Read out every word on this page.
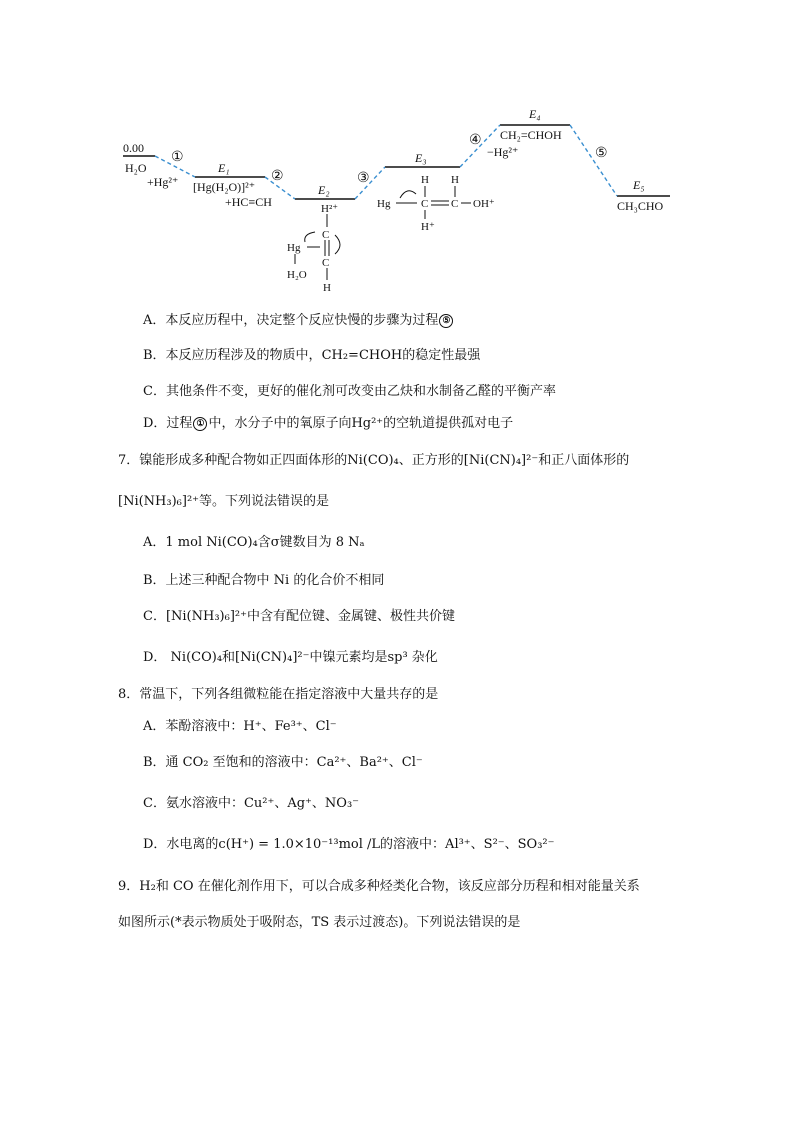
0.00
H₂O
+Hg²⁺
①
②	③
④
⑤
E₁
[Hg(H₂O)]²⁺
+HC≡CH
E₂
H²⁺
C
Hg
C
H₂O
H
E₃
H H
Hg	C C OH⁺
H⁺
E₄
CH₂=CHOH
−Hg²⁺
E₅
CH₃CHO
A．本反应历程中，决定整个反应快慢的步骤为过程 ⑤
B．本反应历程涉及的物质中，CH₂=CHOH的稳定性最强
C．其他条件不变，更好的催化剂可改变由乙炔和水制备乙醛的平衡产率
D．过程 ① 中，水分子中的氧原子向Hg²⁺的空轨道提供孤对电子
7．镍能形成多种配合物如正四面体形的Ni(CO)₄、正方形的[Ni(CN)₄]²⁻和正八面体形的
[Ni(NH₃)₆]²⁺等。下列说法错误的是
A．1 mol Ni(CO)₄含σ键数目为 8 Nₐ
B．上述三种配合物中 Ni 的化合价不相同
C．[Ni(NH₃)₆]²⁺中含有配位键、金属键、极性共价键
D． Ni(CO)₄和[Ni(CN)₄]²⁻中镍元素均是sp³ 杂化
8．常温下，下列各组微粒能在指定溶液中大量共存的是
A．苯酚溶液中：H⁺、Fe³⁺、Cl⁻
B．通 CO₂ 至饱和的溶液中：Ca²⁺、Ba²⁺、Cl⁻
C．氨水溶液中：Cu²⁺、Ag⁺、NO₃⁻
D．水电离的c(H⁺) = 1.0×10⁻¹³mol /L的溶液中：Al³⁺、S²⁻、SO₃²⁻
9．H₂和 CO 在催化剂作用下，可以合成多种烃类化合物，该反应部分历程和相对能量关系
如图所示(*表示物质处于吸附态，TS 表示过渡态)。下列说法错误的是
